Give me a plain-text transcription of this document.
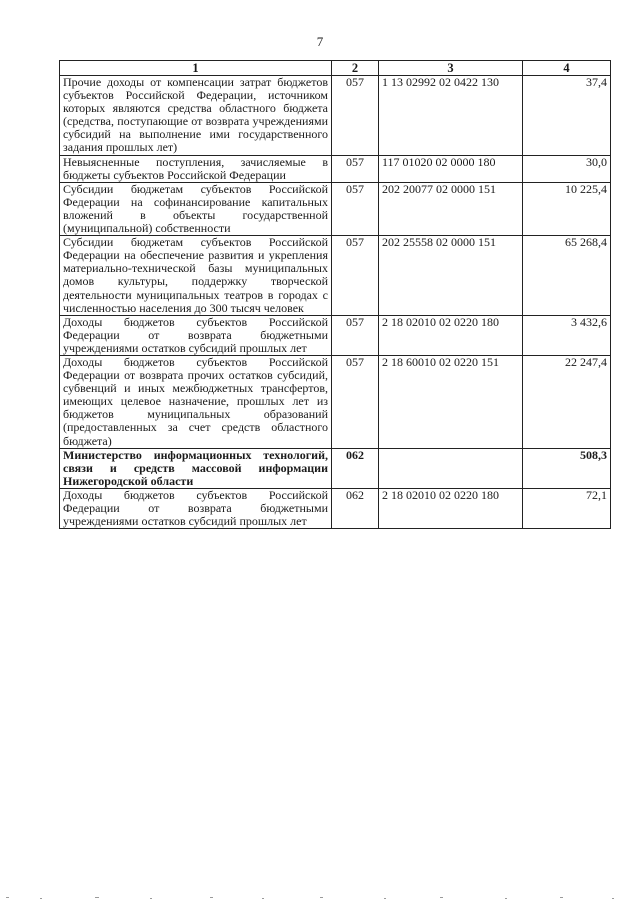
7
1	2	3	4
Прочие доходы от компенсации затрат бюджетов субъектов Российской Федерации, источником которых являются средства областного бюджета (средства, поступающие от возврата учреждениями субсидий на выполнение ими государственного задания прошлых лет)	057	1 13 02992 02 0422 130	37,4
Невыясненные поступления, зачисляемые в бюджеты субъектов Российской Федерации	057	117 01020 02 0000 180	30,0
Субсидии бюджетам субъектов Российской Федерации на софинансирование капитальных вложений в объекты государственной (муниципальной) собственности	057	202 20077 02 0000 151	10 225,4
Субсидии бюджетам субъектов Российской Федерации на обеспечение развития и укрепления материально-технической базы муниципальных домов культуры, поддержку творческой деятельности муниципальных театров в городах с численностью населения до 300 тысяч человек	057	202 25558 02 0000 151	65 268,4
Доходы бюджетов субъектов Российской Федерации от возврата бюджетными учреждениями остатков субсидий прошлых лет	057	2 18 02010 02 0220 180	3 432,6
Доходы бюджетов субъектов Российской Федерации от возврата прочих остатков субсидий, субвенций и иных межбюджетных трансфертов, имеющих целевое назначение, прошлых лет из бюджетов муниципальных образований (предоставленных за счет средств областного бюджета)	057	2 18 60010 02 0220 151	22 247,4
Министерство информационных технологий, связи и средств массовой информации Нижегородской области	062		508,3
Доходы бюджетов субъектов Российской Федерации от возврата бюджетными учреждениями остатков субсидий прошлых лет	062	2 18 02010 02 0220 180	72,1
